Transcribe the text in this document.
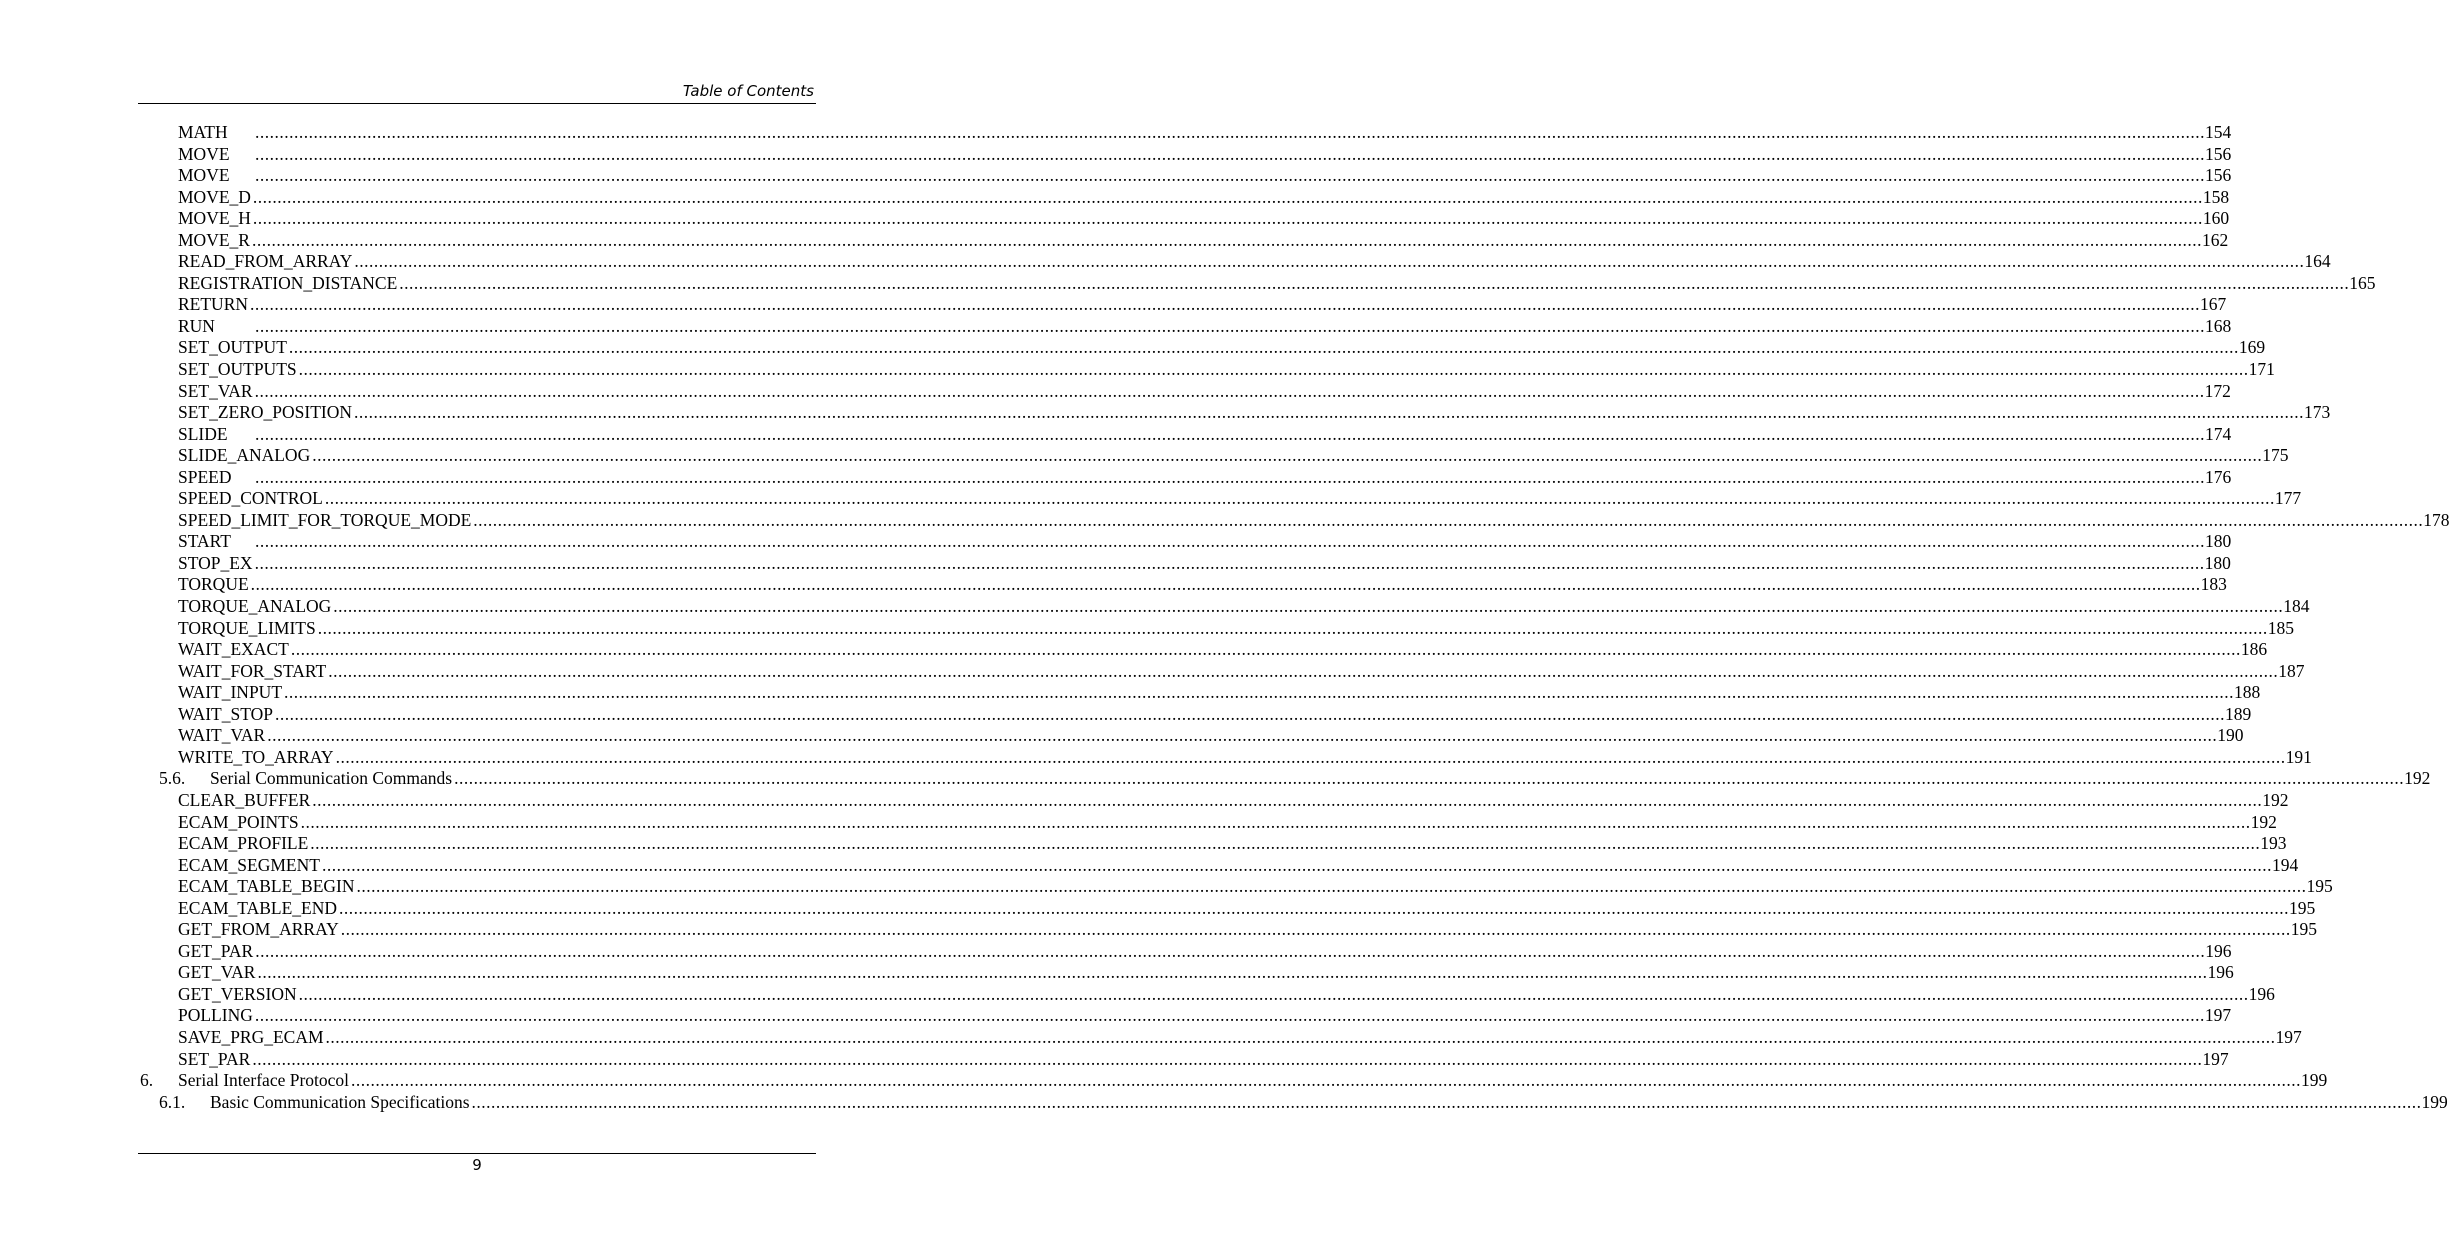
Table of Contents
MATH	................................................................................................................................................................................................................................................................................................................................................................................................................ 154
MOVE	................................................................................................................................................................................................................................................................................................................................................................................................................ 156
MOVE	................................................................................................................................................................................................................................................................................................................................................................................................................ 156
MOVE_D ................................................................................................................................................................................................................................................................................................................................................................................................................ 158
MOVE_H ................................................................................................................................................................................................................................................................................................................................................................................................................ 160
MOVE_R ................................................................................................................................................................................................................................................................................................................................................................................................................ 162
READ_FROM_ARRAY ................................................................................................................................................................................................................................................................................................................................................................................................................ 164
REGISTRATION_DISTANCE ................................................................................................................................................................................................................................................................................................................................................................................................................ 165
RETURN ................................................................................................................................................................................................................................................................................................................................................................................................................ 167
RUN	................................................................................................................................................................................................................................................................................................................................................................................................................ 168
SET_OUTPUT ................................................................................................................................................................................................................................................................................................................................................................................................................ 169
SET_OUTPUTS ................................................................................................................................................................................................................................................................................................................................................................................................................ 171
SET_VAR ................................................................................................................................................................................................................................................................................................................................................................................................................ 172
SET_ZERO_POSITION ................................................................................................................................................................................................................................................................................................................................................................................................................ 173
SLIDE	................................................................................................................................................................................................................................................................................................................................................................................................................ 174
SLIDE_ANALOG ................................................................................................................................................................................................................................................................................................................................................................................................................ 175
SPEED	................................................................................................................................................................................................................................................................................................................................................................................................................ 176
SPEED_CONTROL ................................................................................................................................................................................................................................................................................................................................................................................................................ 177
SPEED_LIMIT_FOR_TORQUE_MODE ................................................................................................................................................................................................................................................................................................................................................................................................................ 178
START	................................................................................................................................................................................................................................................................................................................................................................................................................ 180
STOP_EX ................................................................................................................................................................................................................................................................................................................................................................................................................ 180
TORQUE ................................................................................................................................................................................................................................................................................................................................................................................................................ 183
TORQUE_ANALOG ................................................................................................................................................................................................................................................................................................................................................................................................................ 184
TORQUE_LIMITS ................................................................................................................................................................................................................................................................................................................................................................................................................ 185
WAIT_EXACT ................................................................................................................................................................................................................................................................................................................................................................................................................ 186
WAIT_FOR_START ................................................................................................................................................................................................................................................................................................................................................................................................................ 187
WAIT_INPUT ................................................................................................................................................................................................................................................................................................................................................................................................................ 188
WAIT_STOP ................................................................................................................................................................................................................................................................................................................................................................................................................ 189
WAIT_VAR ................................................................................................................................................................................................................................................................................................................................................................................................................ 190
WRITE_TO_ARRAY ................................................................................................................................................................................................................................................................................................................................................................................................................ 191
5.6. Serial Communication Commands ................................................................................................................................................................................................................................................................................................................................................................................................................ 192
CLEAR_BUFFER ................................................................................................................................................................................................................................................................................................................................................................................................................ 192
ECAM_POINTS ................................................................................................................................................................................................................................................................................................................................................................................................................ 192
ECAM_PROFILE ................................................................................................................................................................................................................................................................................................................................................................................................................ 193
ECAM_SEGMENT ................................................................................................................................................................................................................................................................................................................................................................................................................ 194
ECAM_TABLE_BEGIN ................................................................................................................................................................................................................................................................................................................................................................................................................ 195
ECAM_TABLE_END ................................................................................................................................................................................................................................................................................................................................................................................................................ 195
GET_FROM_ARRAY ................................................................................................................................................................................................................................................................................................................................................................................................................ 195
GET_PAR ................................................................................................................................................................................................................................................................................................................................................................................................................ 196
GET_VAR ................................................................................................................................................................................................................................................................................................................................................................................................................ 196
GET_VERSION ................................................................................................................................................................................................................................................................................................................................................................................................................ 196
POLLING ................................................................................................................................................................................................................................................................................................................................................................................................................ 197
SAVE_PRG_ECAM ................................................................................................................................................................................................................................................................................................................................................................................................................ 197
SET_PAR ................................................................................................................................................................................................................................................................................................................................................................................................................ 197
6. Serial Interface Protocol ................................................................................................................................................................................................................................................................................................................................................................................................................ 199
6.1. Basic Communication Specifications ................................................................................................................................................................................................................................................................................................................................................................................................................ 199
9
